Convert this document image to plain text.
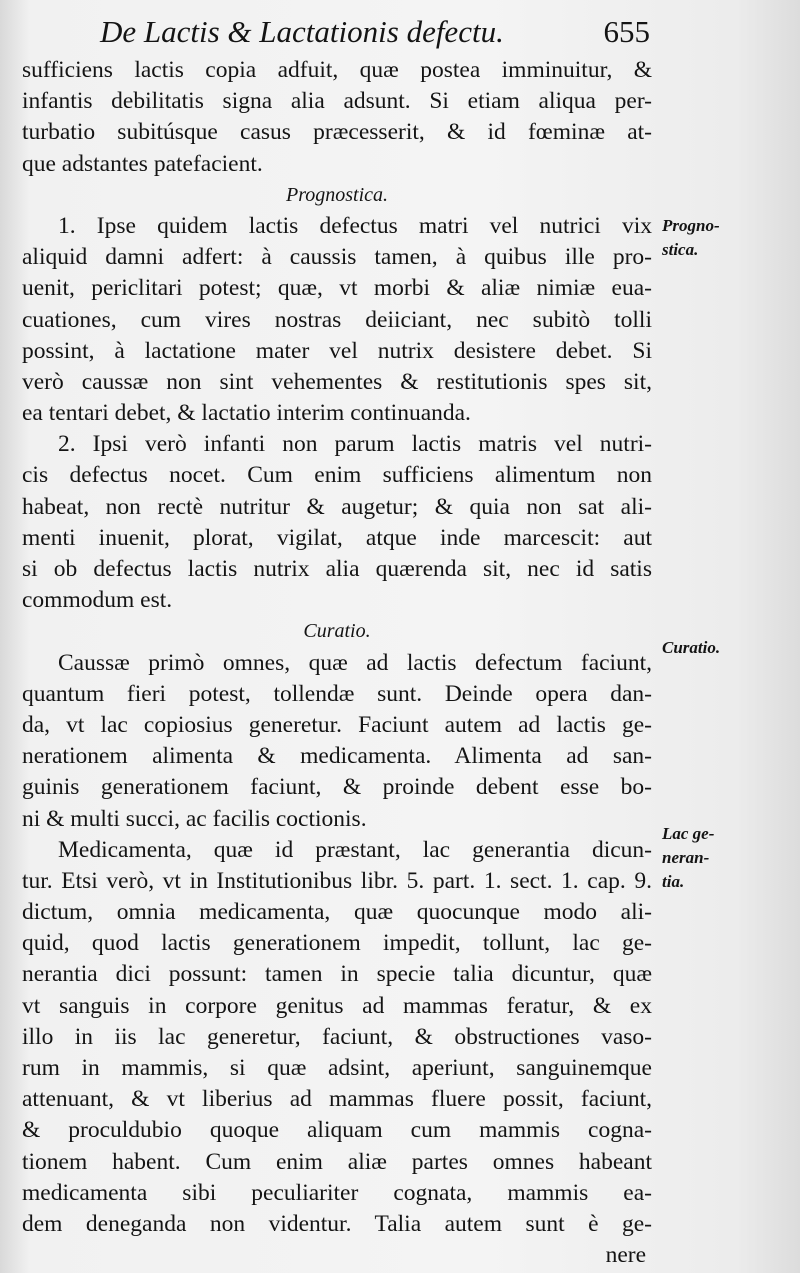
De Lactis & Lactationis defectu.	655
sufficiens lactis copia adfuit, quæ postea imminuitur, &
infantis debilitatis signa alia adsunt. Si etiam aliqua per-
turbatio subitúsque casus præcesserit, & id fœminæ at-
que adstantes patefacient.
Prognostica.
1. Ipse quidem lactis defectus matri vel nutrici vix
aliquid damni adfert: à caussis tamen, à quibus ille pro-
uenit, periclitari potest; quæ, vt morbi & aliæ nimiæ eua-
cuationes, cum vires nostras deiiciant, nec subitò tolli
possint, à lactatione mater vel nutrix desistere debet. Si
verò caussæ non sint vehementes & restitutionis spes sit,
ea tentari debet, & lactatio interim continuanda.
2. Ipsi verò infanti non parum lactis matris vel nutri-
cis defectus nocet. Cum enim sufficiens alimentum non
habeat, non rectè nutritur & augetur; & quia non sat ali-
menti inuenit, plorat, vigilat, atque inde marcescit: aut
si ob defectus lactis nutrix alia quærenda sit, nec id satis
commodum est.
Curatio.
Caussæ primò omnes, quæ ad lactis defectum faciunt,
quantum fieri potest, tollendæ sunt. Deinde opera dan-
da, vt lac copiosius generetur. Faciunt autem ad lactis ge-
nerationem alimenta & medicamenta. Alimenta ad san-
guinis generationem faciunt, & proinde debent esse bo-
ni & multi succi, ac facilis coctionis.
Medicamenta, quæ id præstant, lac generantia dicun-
tur. Etsi verò, vt in Institutionibus libr. 5. part. 1. sect. 1. cap. 9.
dictum, omnia medicamenta, quæ quocunque modo ali-
quid, quod lactis generationem impedit, tollunt, lac ge-
nerantia dici possunt: tamen in specie talia dicuntur, quæ
vt sanguis in corpore genitus ad mammas feratur, & ex
illo in iis lac generetur, faciunt, & obstructiones vaso-
rum in mammis, si quæ adsint, aperiunt, sanguinemque
attenuant, & vt liberius ad mammas fluere possit, faciunt,
& proculdubio quoque aliquam cum mammis cogna-
tionem habent. Cum enim aliæ partes omnes habeant
medicamenta sibi peculiariter cognata, mammis ea-
dem deneganda non videntur. Talia autem sunt è ge-
nere
Progno-
stica.
Curatio.
Lac ge-
neran-
tia.
